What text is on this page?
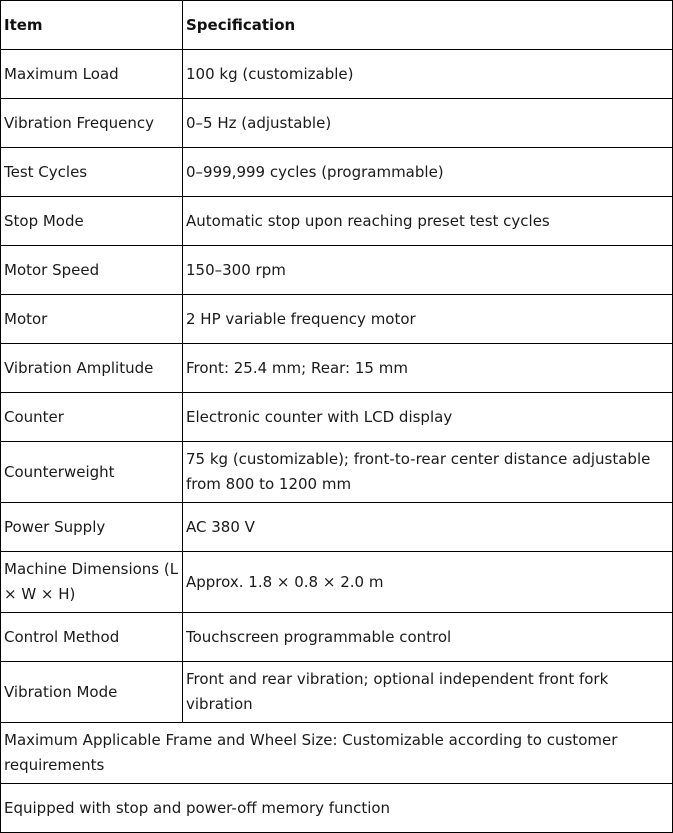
Item	Specification
Maximum Load	100 kg (customizable)
Vibration Frequency	0–5 Hz (adjustable)
Test Cycles	0–999,999 cycles (programmable)
Stop Mode	Automatic stop upon reaching preset test cycles
Motor Speed	150–300 rpm
Motor	2 HP variable frequency motor
Vibration Amplitude	Front: 25.4 mm; Rear: 15 mm
Counter	Electronic counter with LCD display
Counterweight	75 kg (customizable); front-to-rear center distance adjustable from 800 to 1200 mm
Power Supply	AC 380 V
Machine Dimensions (L × W × H)	Approx. 1.8 × 0.8 × 2.0 m
Control Method	Touchscreen programmable control
Vibration Mode	Front and rear vibration; optional independent front fork vibration
Maximum Applicable Frame and Wheel Size: Customizable according to customer requirements	
Equipped with stop and power-off memory function	
